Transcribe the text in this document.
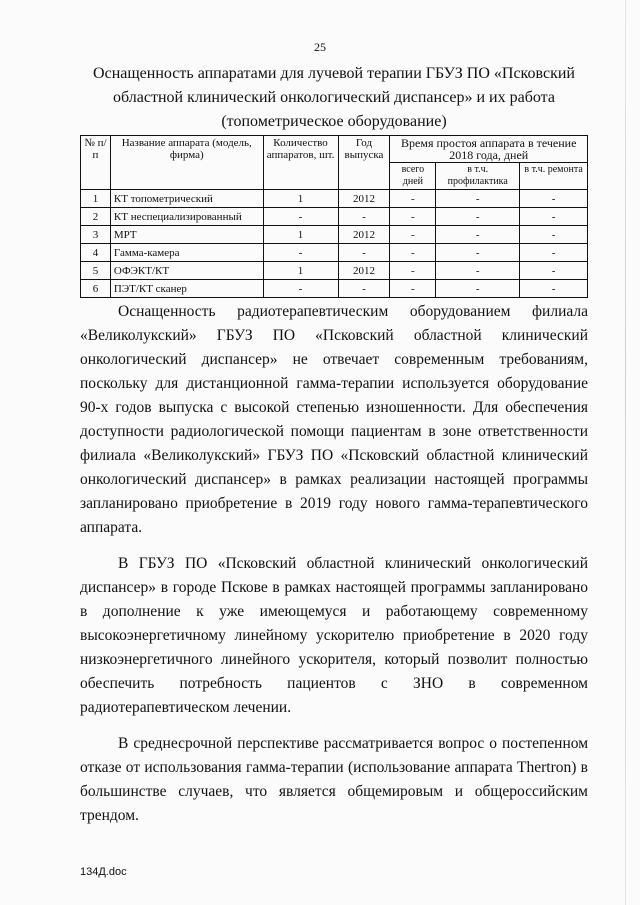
25
Оснащенность аппаратами для лучевой терапии ГБУЗ ПО «Псковский
областной клинический онкологический диспансер» и их работа
(топометрическое оборудование)
№ п/п	Название аппарата (модель, фирма)	Количество аппаратов, шт.	Год выпуска	Время простоя аппарата в течение 2018 года, дней		
				всего дней	в т.ч. профилактика	в т.ч. ремонта
1	КТ топометрический	1	2012	-	-	-
2	КТ неспециализированный	-	-	-	-	-
3	МРТ	1	2012	-	-	-
4	Гамма-камера	-	-	-	-	-
5	ОФЭКТ/КТ	1	2012	-	-	-
6	ПЭТ/КТ сканер	-	-	-	-	-

Оснащенность радиотерапевтическим оборудованием филиала «Великолукский» ГБУЗ ПО «Псковский областной клинический онкологический диспансер» не отвечает современным требованиям, поскольку для дистанционной гамма-терапии используется оборудование 90-х годов выпуска с высокой степенью изношенности. Для обеспечения доступности радиологической помощи пациентам в зоне ответственности филиала «Великолукский» ГБУЗ ПО «Псковский областной клинический онкологический диспансер» в рамках реализации настоящей программы запланировано приобретение в 2019 году нового гамма-терапевтического аппарата.

В ГБУЗ ПО «Псковский областной клинический онкологический диспансер» в городе Пскове в рамках настоящей программы запланировано в дополнение к уже имеющемуся и работающему современному высокоэнергетичному линейному ускорителю приобретение в 2020 году низкоэнергетичного линейного ускорителя, который позволит полностью обеспечить потребность пациентов с ЗНО в современном радиотерапевтическом лечении.

В среднесрочной перспективе рассматривается вопрос о постепенном отказе от использования гамма-терапии (использование аппарата Thertron) в большинстве случаев, что является общемировым и общероссийским трендом.

134Д.doc
